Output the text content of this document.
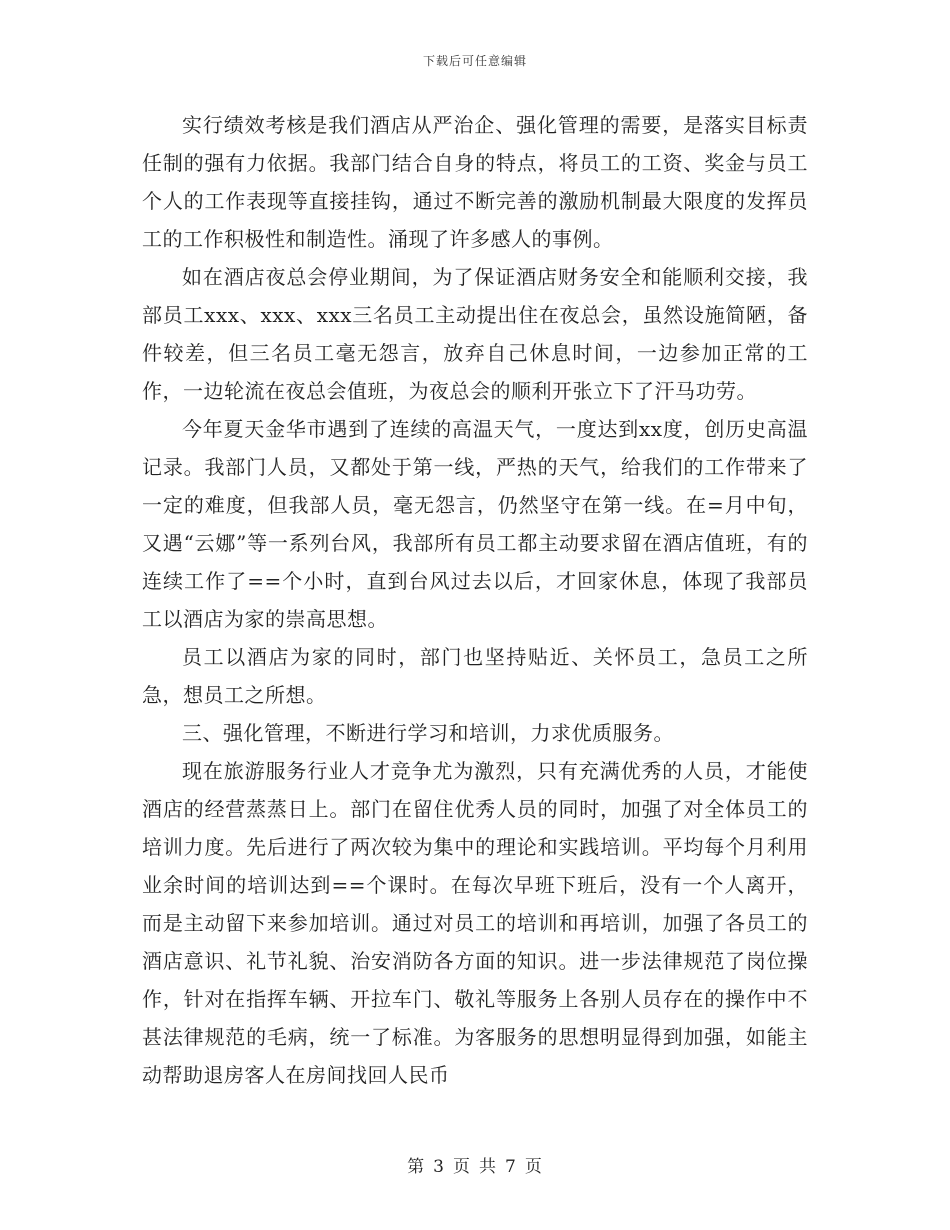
下载后可任意编辑

实行绩效考核是我们酒店从严治企、强化管理的需要，是落实目标责任制的强有力依据。我部门结合自身的特点，将员工的工资、奖金与员工个人的工作表现等直接挂钩，通过不断完善的激励机制最大限度的发挥员工的工作积极性和制造性。涌现了许多感人的事例。

如在酒店夜总会停业期间，为了保证酒店财务安全和能顺利交接，我部员工xxx、xxx、xxx三名员工主动提出住在夜总会，虽然设施简陋，备件较差，但三名员工毫无怨言，放弃自己休息时间，一边参加正常的工作，一边轮流在夜总会值班，为夜总会的顺利开张立下了汗马功劳。

今年夏天金华市遇到了连续的高温天气，一度达到xx度，创历史高温记录。我部门人员，又都处于第一线，严热的天气，给我们的工作带来了一定的难度，但我部人员，毫无怨言，仍然坚守在第一线。在=月中旬，又遇“云娜”等一系列台风，我部所有员工都主动要求留在酒店值班，有的连续工作了==个小时，直到台风过去以后，才回家休息，体现了我部员工以酒店为家的崇高思想。

员工以酒店为家的同时，部门也坚持贴近、关怀员工，急员工之所急，想员工之所想。

三、强化管理，不断进行学习和培训，力求优质服务。

现在旅游服务行业人才竞争尤为激烈，只有充满优秀的人员，才能使酒店的经营蒸蒸日上。部门在留住优秀人员的同时，加强了对全体员工的培训力度。先后进行了两次较为集中的理论和实践培训。平均每个月利用业余时间的培训达到==个课时。在每次早班下班后，没有一个人离开，而是主动留下来参加培训。通过对员工的培训和再培训，加强了各员工的酒店意识、礼节礼貌、治安消防各方面的知识。进一步法律规范了岗位操作，针对在指挥车辆、开拉车门、敬礼等服务上各别人员存在的操作中不甚法律规范的毛病，统一了标准。为客服务的思想明显得到加强，如能主动帮助退房客人在房间找回人民币

第 3 页 共 7 页
